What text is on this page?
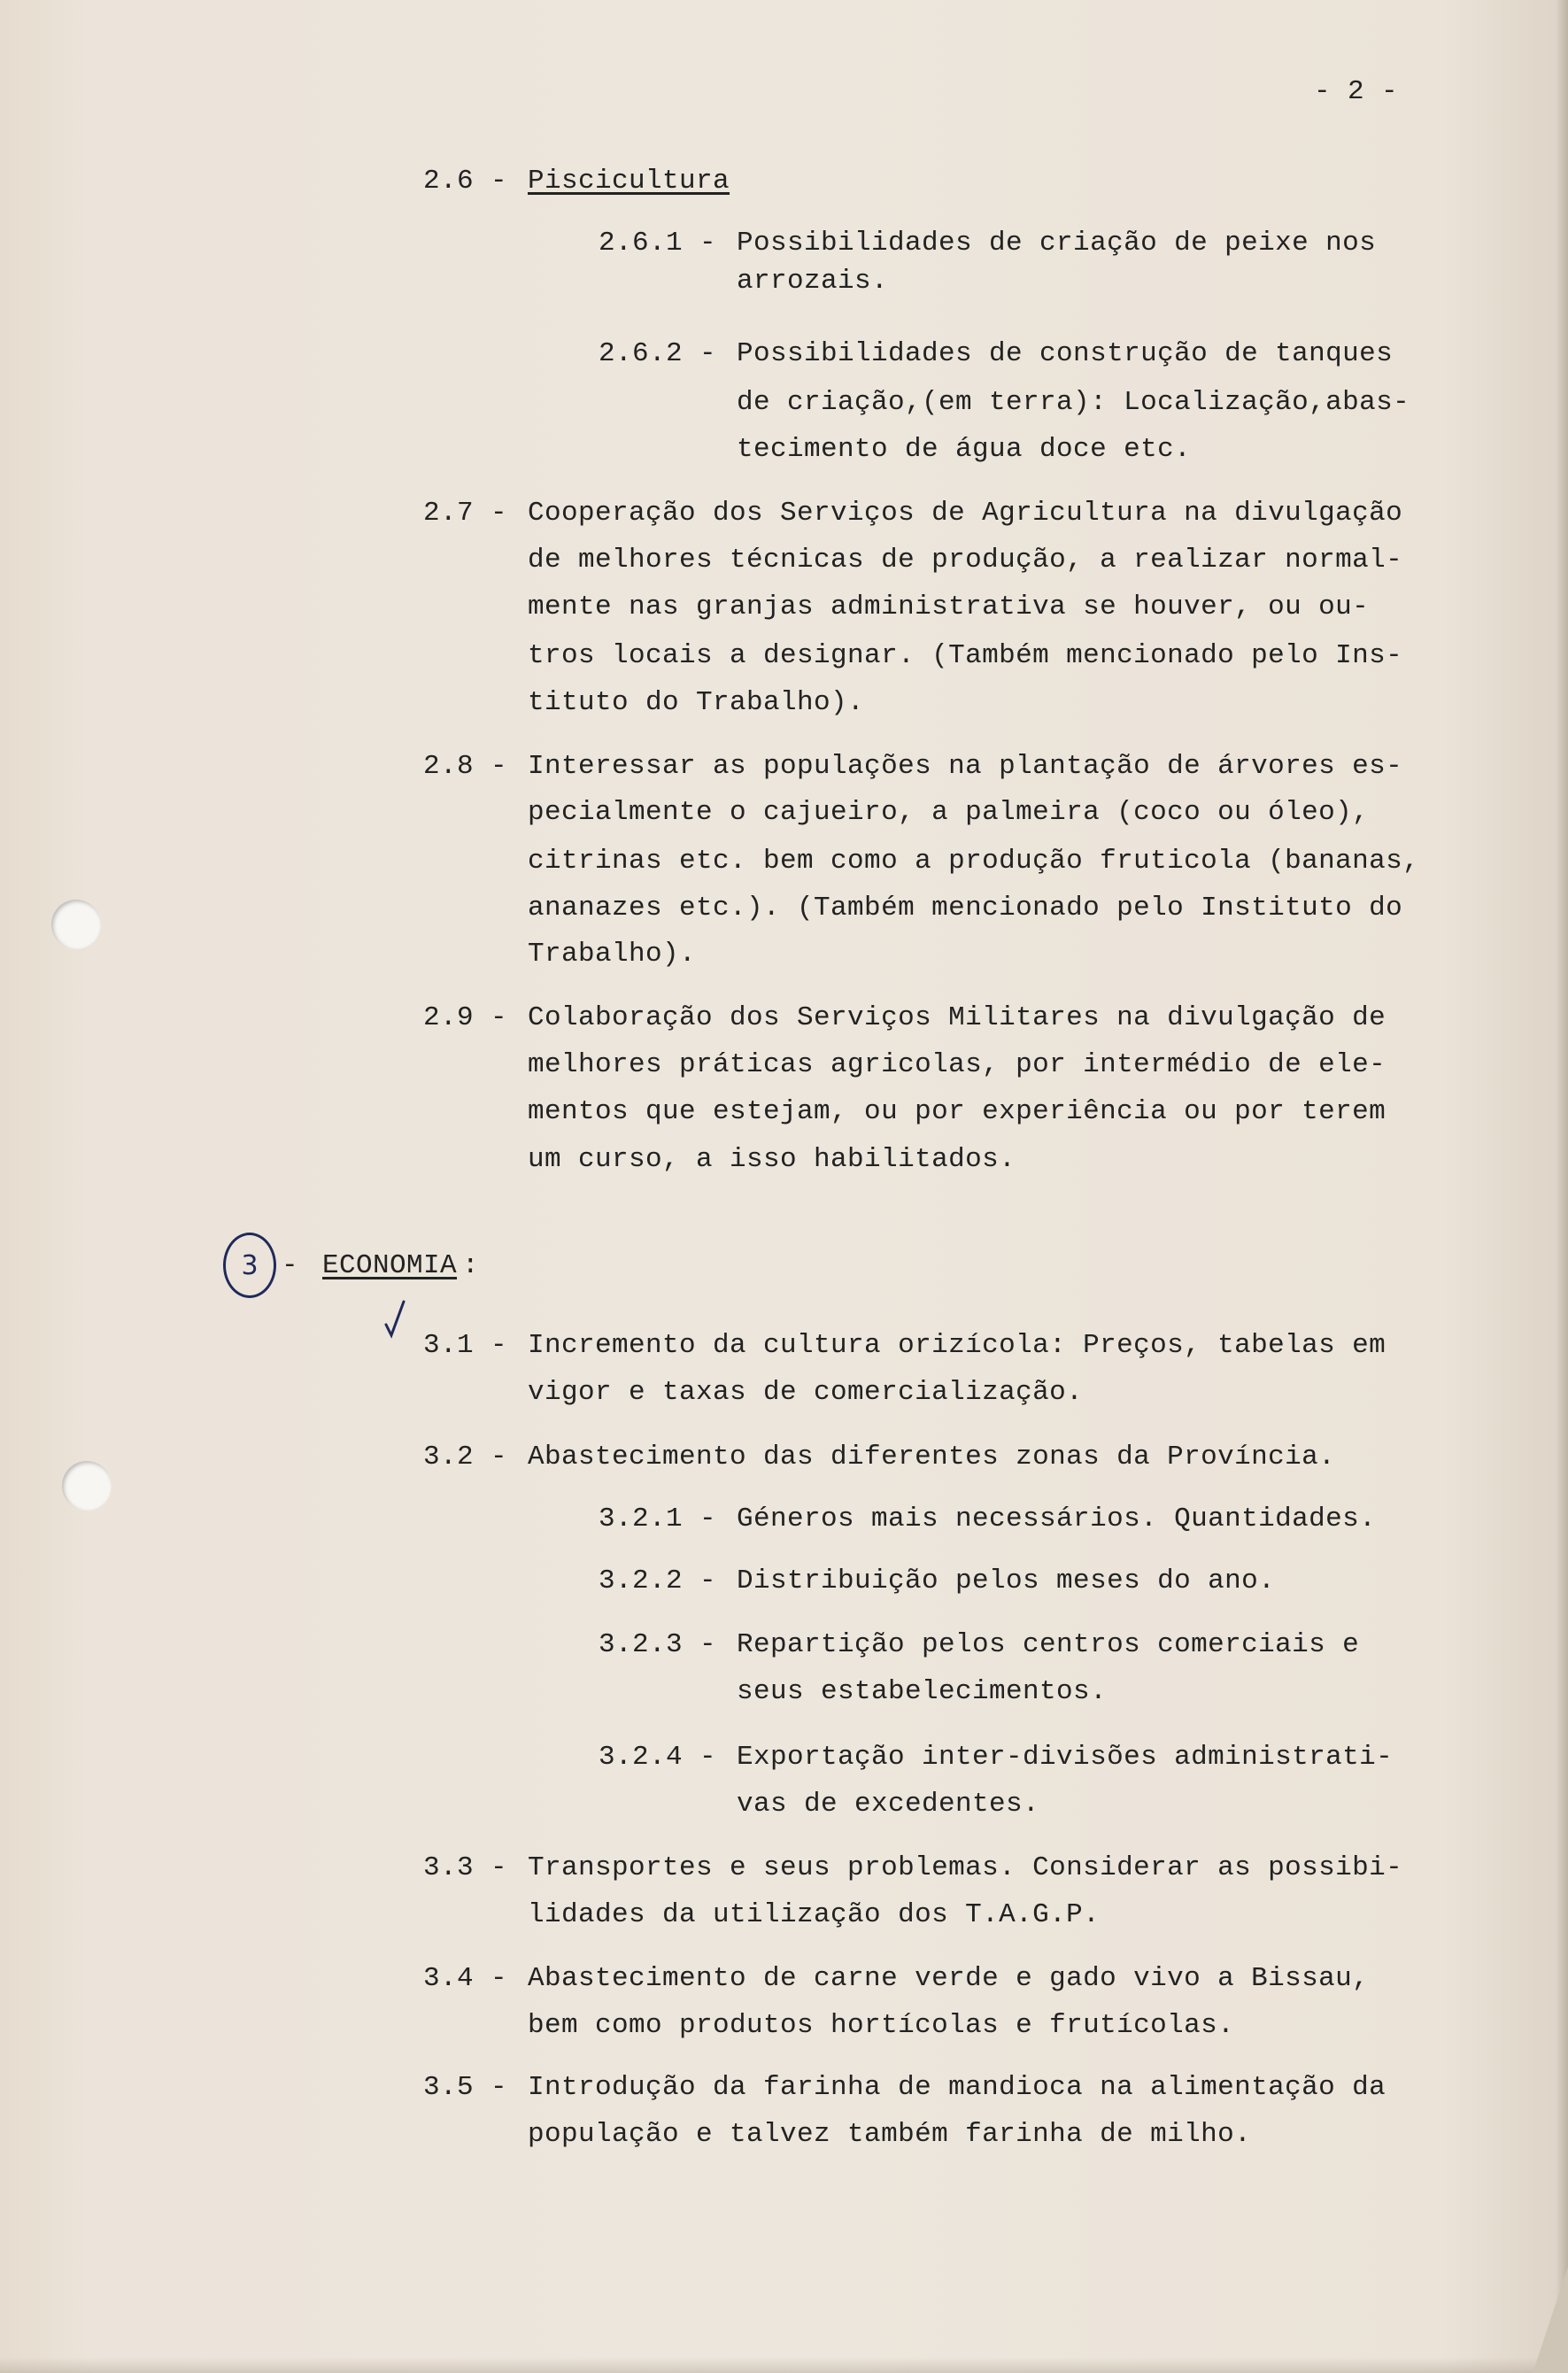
- 2 -
2.6 - Piscicultura
2.6.1 - Possibilidades de criação de peixe nos
arrozais.
2.6.2 - Possibilidades de construção de tanques
de criação,(em terra): Localização,abas-
tecimento de água doce etc.
2.7 - Cooperação dos Serviços de Agricultura na divulgação
de melhores técnicas de produção, a realizar normal-
mente nas granjas administrativa se houver, ou ou-
tros locais a designar. (Também mencionado pelo Ins-
tituto do Trabalho).
2.8 - Interessar as populações na plantação de árvores es-
pecialmente o cajueiro, a palmeira (coco ou óleo),
citrinas etc. bem como a produção fruticola (bananas,
ananazes etc.). (Também mencionado pelo Instituto do
Trabalho).
2.9 - Colaboração dos Serviços Militares na divulgação de
melhores práticas agricolas, por intermédio de ele-
mentos que estejam, ou por experiência ou por terem
um curso, a isso habilitados.
3 - ECONOMIA :
3.1 - Incremento da cultura orizícola: Preços, tabelas em
vigor e taxas de comercialização.
3.2 - Abastecimento das diferentes zonas da Província.
3.2.1 - Géneros mais necessários. Quantidades.
3.2.2 - Distribuição pelos meses do ano.
3.2.3 - Repartição pelos centros comerciais e
seus estabelecimentos.
3.2.4 - Exportação inter-divisões administrati-
vas de excedentes.
3.3 - Transportes e seus problemas. Considerar as possibi-
lidades da utilização dos T.A.G.P.
3.4 - Abastecimento de carne verde e gado vivo a Bissau,
bem como produtos hortícolas e frutícolas.
3.5 - Introdução da farinha de mandioca na alimentação da
população e talvez também farinha de milho.
